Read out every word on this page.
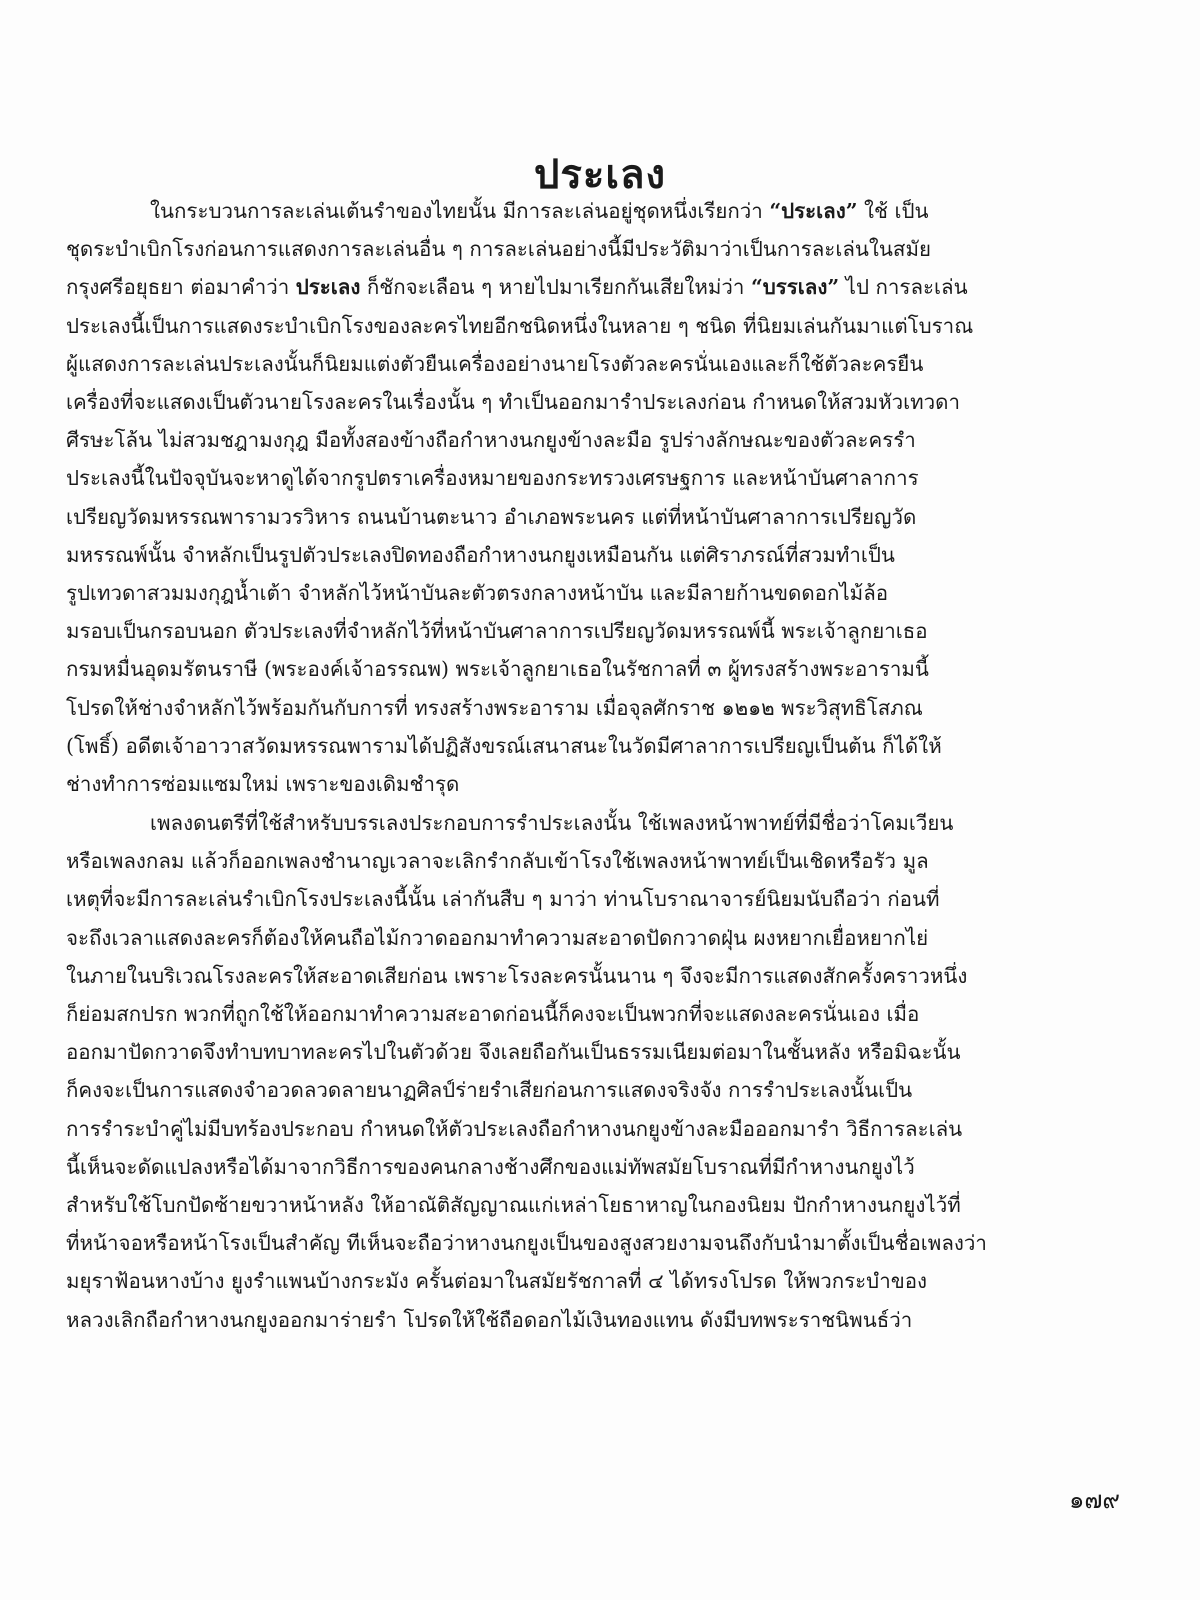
ประเลง

ในกระบวนการละเล่นเต้นรำของไทยนั้น มีการละเล่นอยู่ชุดหนึ่งเรียกว่า “ประเลง” ใช้ เป็น
ชุดระบำเบิกโรงก่อนการแสดงการละเล่นอื่น ๆ การละเล่นอย่างนี้มีประวัติมาว่าเป็นการละเล่นในสมัย
กรุงศรีอยุธยา ต่อมาคำว่า ประเลง ก็ชักจะเลือน ๆ หายไปมาเรียกกันเสียใหม่ว่า “บรรเลง” ไป การละเล่น
ประเลงนี้เป็นการแสดงระบำเบิกโรงของละครไทยอีกชนิดหนึ่งในหลาย ๆ ชนิด ที่นิยมเล่นกันมาแต่โบราณ
ผู้แสดงการละเล่นประเลงนั้นก็นิยมแต่งตัวยืนเครื่องอย่างนายโรงตัวละครนั่นเองและก็ใช้ตัวละครยืน
เครื่องที่จะแสดงเป็นตัวนายโรงละครในเรื่องนั้น ๆ ทำเป็นออกมารำประเลงก่อน กำหนดให้สวมหัวเทวดา
ศีรษะโล้น ไม่สวมชฎามงกุฎ มือทั้งสองข้างถือกำหางนกยูงข้างละมือ รูปร่างลักษณะของตัวละครรำ
ประเลงนี้ในปัจจุบันจะหาดูได้จากรูปตราเครื่องหมายของกระทรวงเศรษฐการ และหน้าบันศาลาการ
เปรียญวัดมหรรณพารามวรวิหาร ถนนบ้านตะนาว อำเภอพระนคร แต่ที่หน้าบันศาลาการเปรียญวัด
มหรรณพ์นั้น จำหลักเป็นรูปตัวประเลงปิดทองถือกำหางนกยูงเหมือนกัน แต่ศิราภรณ์ที่สวมทำเป็น
รูปเทวดาสวมมงกุฎน้ำเต้า จำหลักไว้หน้าบันละตัวตรงกลางหน้าบัน และมีลายก้านขดดอกไม้ล้อ
มรอบเป็นกรอบนอก ตัวประเลงที่จำหลักไว้ที่หน้าบันศาลาการเปรียญวัดมหรรณพ์นี้ พระเจ้าลูกยาเธอ
กรมหมื่นอุดมรัตนราษี (พระองค์เจ้าอรรณพ) พระเจ้าลูกยาเธอในรัชกาลที่ ๓ ผู้ทรงสร้างพระอารามนี้
โปรดให้ช่างจำหลักไว้พร้อมกันกับการที่ ทรงสร้างพระอาราม เมื่อจุลศักราช ๑๒๑๒ พระวิสุทธิโสภณ
(โพธิ์) อดีตเจ้าอาวาสวัดมหรรณพารามได้ปฏิสังขรณ์เสนาสนะในวัดมีศาลาการเปรียญเป็นต้น ก็ได้ให้
ช่างทำการซ่อมแซมใหม่ เพราะของเดิมชำรุด

เพลงดนตรีที่ใช้สำหรับบรรเลงประกอบการรำประเลงนั้น ใช้เพลงหน้าพาทย์ที่มีชื่อว่าโคมเวียน
หรือเพลงกลม แล้วก็ออกเพลงชำนาญเวลาจะเลิกรำกลับเข้าโรงใช้เพลงหน้าพาทย์เป็นเชิดหรือรัว มูล
เหตุที่จะมีการละเล่นรำเบิกโรงประเลงนี้นั้น เล่ากันสืบ ๆ มาว่า ท่านโบราณาจารย์นิยมนับถือว่า ก่อนที่
จะถึงเวลาแสดงละครก็ต้องให้คนถือไม้กวาดออกมาทำความสะอาดปัดกวาดฝุ่น ผงหยากเยื่อหยากไย่
ในภายในบริเวณโรงละครให้สะอาดเสียก่อน เพราะโรงละครนั้นนาน ๆ จึงจะมีการแสดงสักครั้งคราวหนึ่ง
ก็ย่อมสกปรก พวกที่ถูกใช้ให้ออกมาทำความสะอาดก่อนนี้ก็คงจะเป็นพวกที่จะแสดงละครนั่นเอง เมื่อ
ออกมาปัดกวาดจึงทำบทบาทละครไปในตัวด้วย จึงเลยถือกันเป็นธรรมเนียมต่อมาในชั้นหลัง หรือมิฉะนั้น
ก็คงจะเป็นการแสดงจำอวดลวดลายนาฏศิลป์ร่ายรำเสียก่อนการแสดงจริงจัง การรำประเลงนั้นเป็น
การรำระบำคู่ไม่มีบทร้องประกอบ กำหนดให้ตัวประเลงถือกำหางนกยูงข้างละมือออกมารำ วิธีการละเล่น
นี้เห็นจะดัดแปลงหรือได้มาจากวิธีการของคนกลางช้างศึกของแม่ทัพสมัยโบราณที่มีกำหางนกยูงไว้
สำหรับใช้โบกปัดซ้ายขวาหน้าหลัง ให้อาณัติสัญญาณแก่เหล่าโยธาหาญในกองนิยม ปักกำหางนกยูงไว้ที่
ที่หน้าจอหรือหน้าโรงเป็นสำคัญ ทีเห็นจะถือว่าหางนกยูงเป็นของสูงสวยงามจนถึงกับนำมาตั้งเป็นชื่อเพลงว่า
มยุราฟ้อนหางบ้าง ยูงรำแพนบ้างกระมัง ครั้นต่อมาในสมัยรัชกาลที่ ๔ ได้ทรงโปรด ให้พวกระบำของ
หลวงเลิกถือกำหางนกยูงออกมาร่ายรำ โปรดให้ใช้ถือดอกไม้เงินทองแทน ดังมีบทพระราชนิพนธ์ว่า

๑๗๙
